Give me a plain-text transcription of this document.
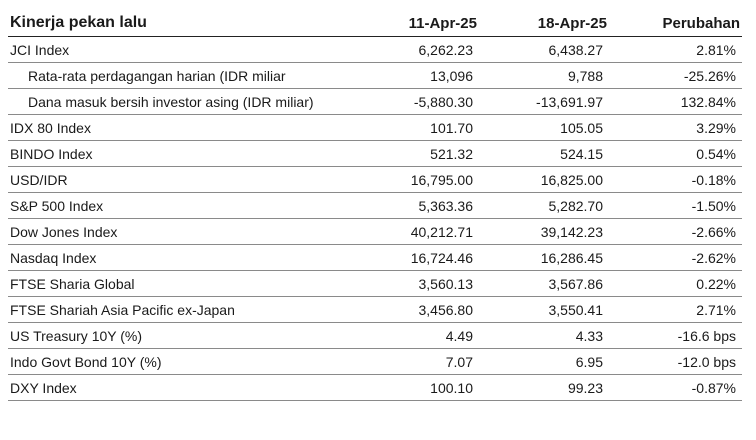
Kinerja pekan lalu	11-Apr-25	18-Apr-25	Perubahan
JCI Index	6,262.23	6,438.27	2.81%
Rata-rata perdagangan harian (IDR miliar	13,096	9,788	-25.26%
Dana masuk bersih investor asing (IDR miliar)	-5,880.30	-13,691.97	132.84%
IDX 80 Index	101.70	105.05	3.29%
BINDO Index	521.32	524.15	0.54%
USD/IDR	16,795.00	16,825.00	-0.18%
S&P 500 Index	5,363.36	5,282.70	-1.50%
Dow Jones Index	40,212.71	39,142.23	-2.66%
Nasdaq Index	16,724.46	16,286.45	-2.62%
FTSE Sharia Global	3,560.13	3,567.86	0.22%
FTSE Shariah Asia Pacific ex-Japan	3,456.80	3,550.41	2.71%
US Treasury 10Y (%)	4.49	4.33	-16.6 bps
Indo Govt Bond 10Y (%)	7.07	6.95	-12.0 bps
DXY Index	100.10	99.23	-0.87%
